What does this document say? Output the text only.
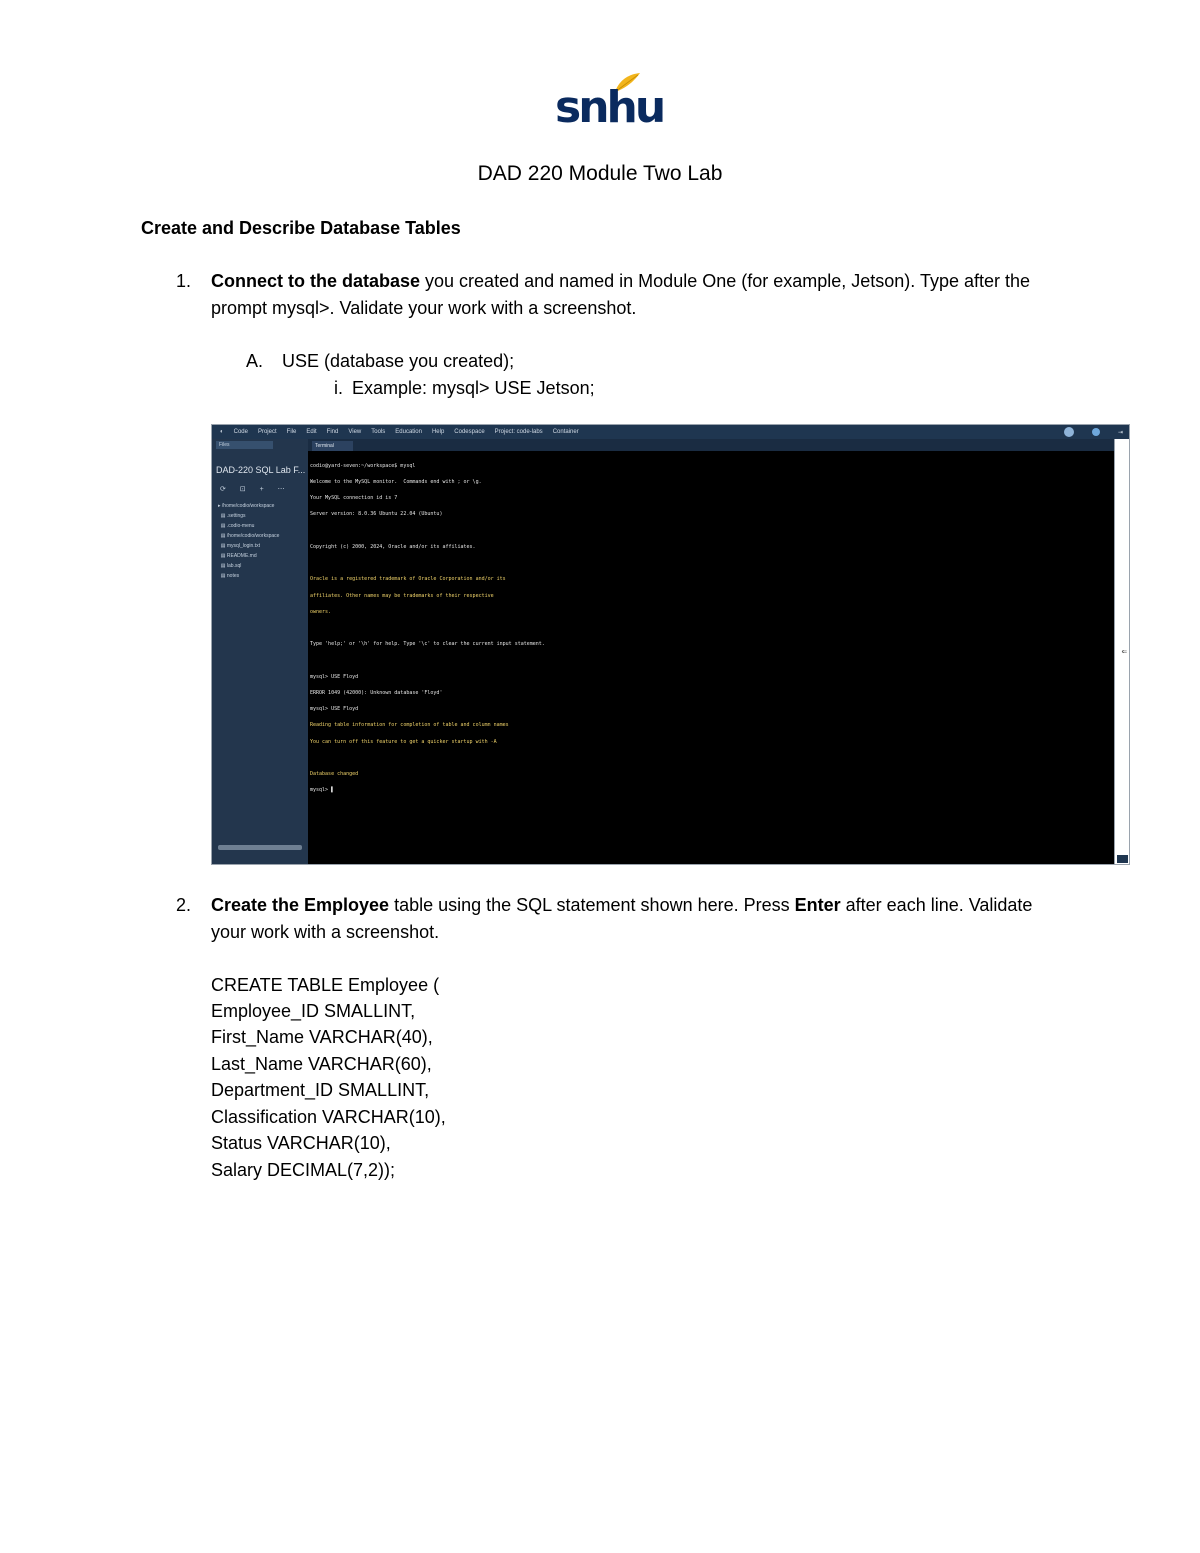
snhu
DAD 220 Module Two Lab
Create and Describe Database Tables
1. Connect to the database you created and named in Module One (for example, Jetson). Type after the prompt mysql>. Validate your work with a screenshot.
A. USE (database you created);
i. Example: mysql> USE Jetson;
◐ Code Project File Edit Find View Tools Education Help Codespace Project: code-labs Container	⇥
Files
DAD-220 SQL Lab F...
⟳ ⊡ + ⋯
▸ /home/codio/workspace
▤ .settings
▤ .codio-menu
▤ /home/codio/workspace
▤ mysql_login.txt
▤ README.md
▤ lab.sql
▤ notes
Terminal

codio@yard-seven:~/workspace$ mysql

Welcome to the MySQL monitor.  Commands end with ; or \g.

Your MySQL connection id is 7

Server version: 8.0.36 Ubuntu 22.04 (Ubuntu)

Copyright (c) 2000, 2024, Oracle and/or its affiliates.

Oracle is a registered trademark of Oracle Corporation and/or its

affiliates. Other names may be trademarks of their respective

owners.

Type 'help;' or '\h' for help. Type '\c' to clear the current input statement.

mysql> USE Floyd

ERROR 1049 (42000): Unknown database 'Floyd'

mysql> USE Floyd

Reading table information for completion of table and column names

You can turn off this feature to get a quicker startup with -A

Database changed

mysql> ▌

⇐
2. Create the Employee table using the SQL statement shown here. Press Enter after each line. Validate your work with a screenshot.
CREATE TABLE Employee (
Employee_ID SMALLINT,
First_Name VARCHAR(40),
Last_Name VARCHAR(60),
Department_ID SMALLINT,
Classification VARCHAR(10),
Status VARCHAR(10),
Salary DECIMAL(7,2));
